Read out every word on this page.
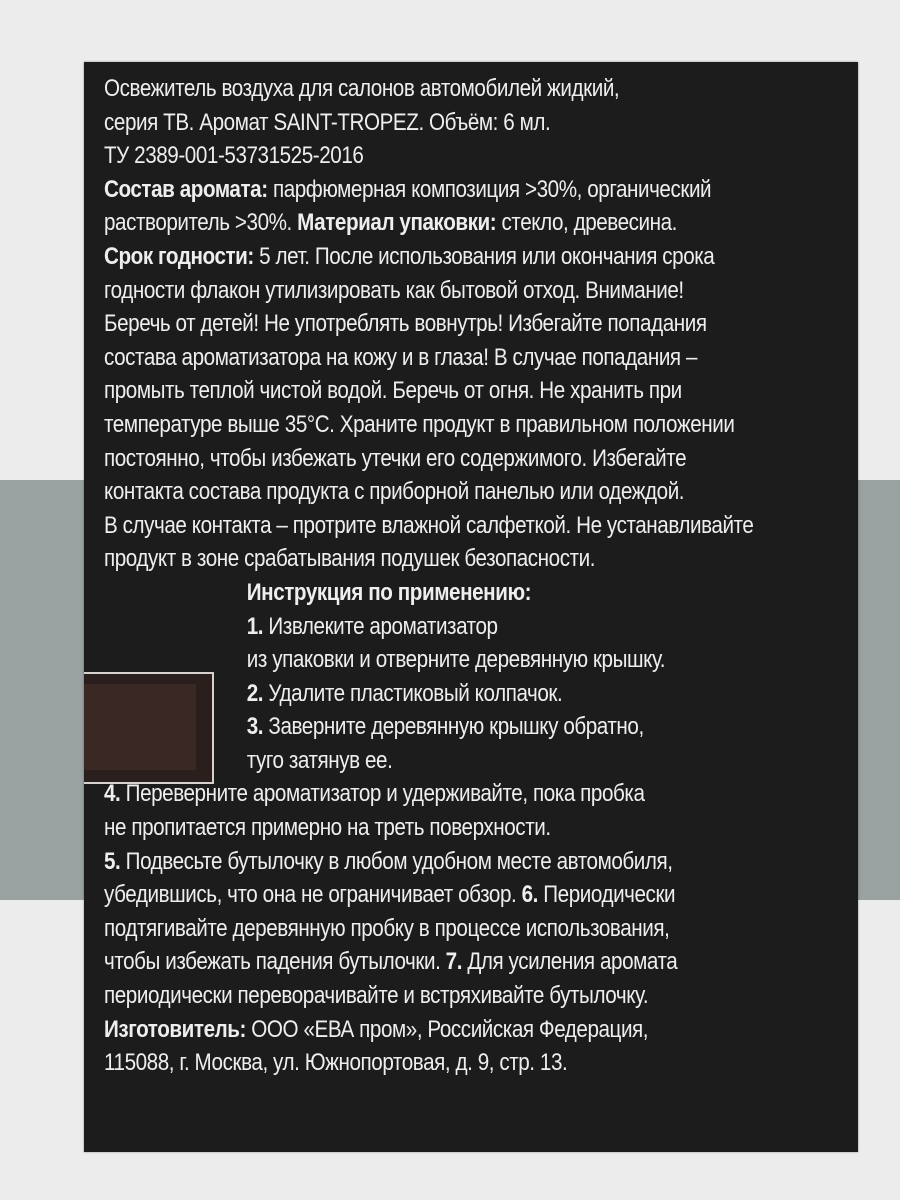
Освежитель воздуха для салонов автомобилей жидкий,
серия ТВ. Аромат SAINT-TROPEZ. Объём: 6 мл.
ТУ 2389-001-53731525-2016
Состав аромата: парфюмерная композиция >30%, органический
растворитель >30%. Материал упаковки: стекло, древесина.
Срок годности: 5 лет. После использования или окончания срока
годности флакон утилизировать как бытовой отход. Внимание!
Беречь от детей! Не употреблять вовнутрь! Избегайте попадания
состава ароматизатора на кожу и в глаза! В случае попадания –
промыть теплой чистой водой. Беречь от огня. Не хранить при
температуре выше 35°С. Храните продукт в правильном положении
постоянно, чтобы избежать утечки его содержимого. Избегайте
контакта состава продукта с приборной панелью или одеждой.
В случае контакта – протрите влажной салфеткой. Не устанавливайте
продукт в зоне срабатывания подушек безопасности.
Инструкция по применению:
1. Извлеките ароматизатор
из упаковки и отверните деревянную крышку.
2. Удалите пластиковый колпачок.
3. Заверните деревянную крышку обратно,
туго затянув ее.
4. Переверните ароматизатор и удерживайте, пока пробка
не пропитается примерно на треть поверхности.
5. Подвесьте бутылочку в любом удобном месте автомобиля,
убедившись, что она не ограничивает обзор. 6. Периодически
подтягивайте деревянную пробку в процессе использования,
чтобы избежать падения бутылочки. 7. Для усиления аромата
периодически переворачивайте и встряхивайте бутылочку.
Изготовитель: ООО «ЕВА пром», Российская Федерация,
115088, г. Москва, ул. Южнопортовая, д. 9, стр. 13.
